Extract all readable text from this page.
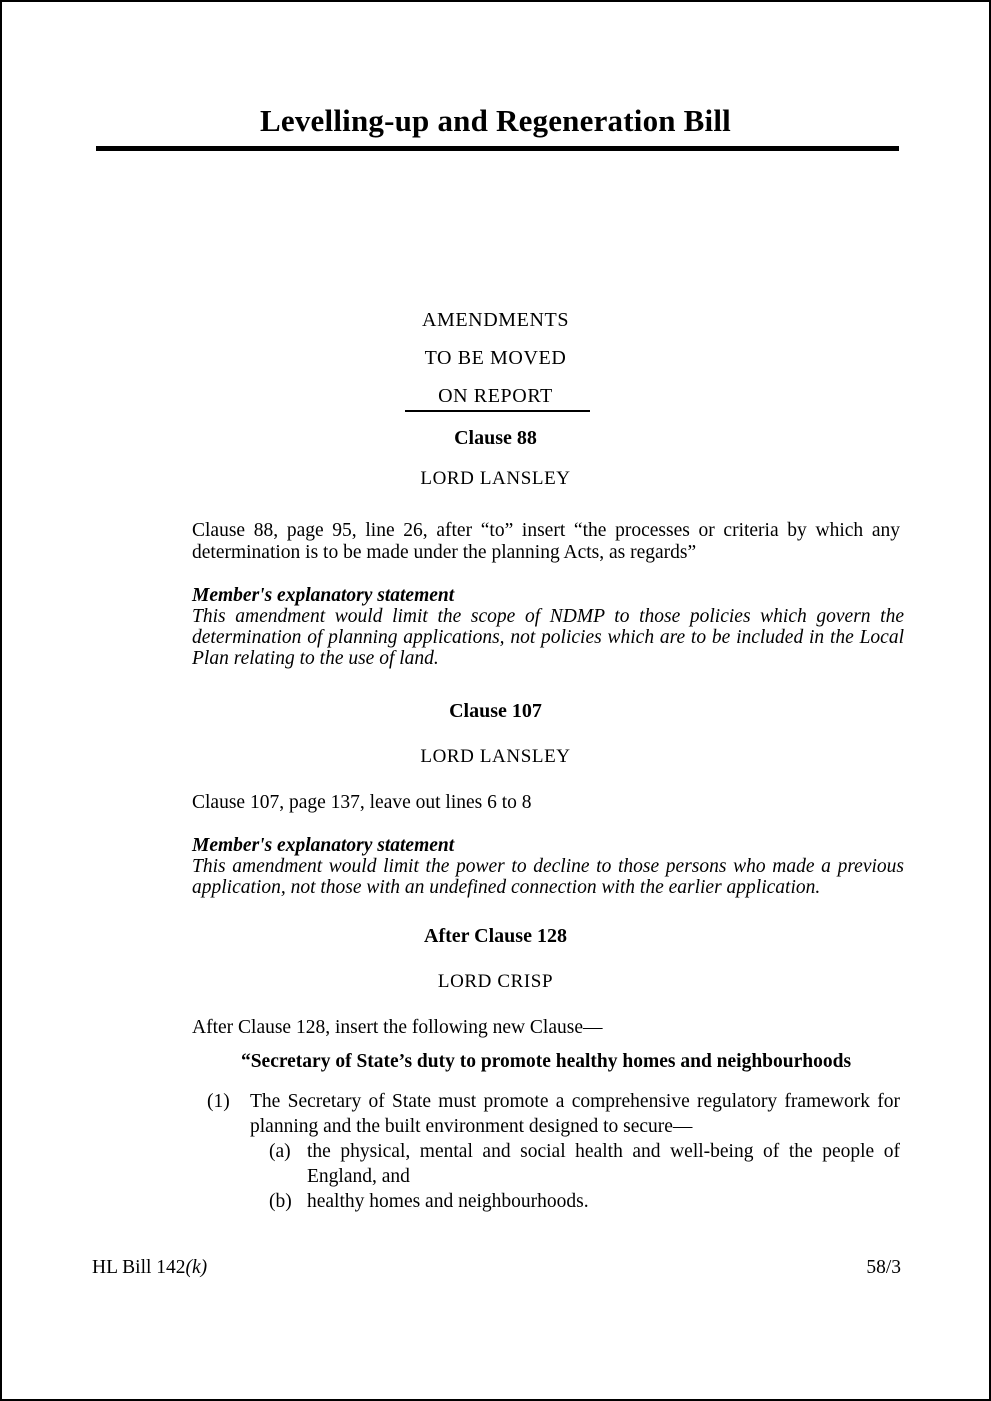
Levelling-up and Regeneration Bill
AMENDMENTS
TO BE MOVED
ON REPORT
Clause 88
LORD LANSLEY
Clause 88, page 95, line 26, after “to” insert “the processes or criteria by which any determination is to be made under the planning Acts, as regards”
Member's explanatory statement
This amendment would limit the scope of NDMP to those policies which govern the determination of planning applications, not policies which are to be included in the Local Plan relating to the use of land.
Clause 107
LORD LANSLEY
Clause 107, page 137, leave out lines 6 to 8
Member's explanatory statement
This amendment would limit the power to decline to those persons who made a previous application, not those with an undefined connection with the earlier application.
After Clause 128
LORD CRISP
After Clause 128, insert the following new Clause—
“Secretary of State’s duty to promote healthy homes and neighbourhoods
(1)	The Secretary of State must promote a comprehensive regulatory framework for planning and the built environment designed to secure—
(a) the physical, mental and social health and well-being of the people of England, and
(b) healthy homes and neighbourhoods.
HL Bill 142(k)	58/3
